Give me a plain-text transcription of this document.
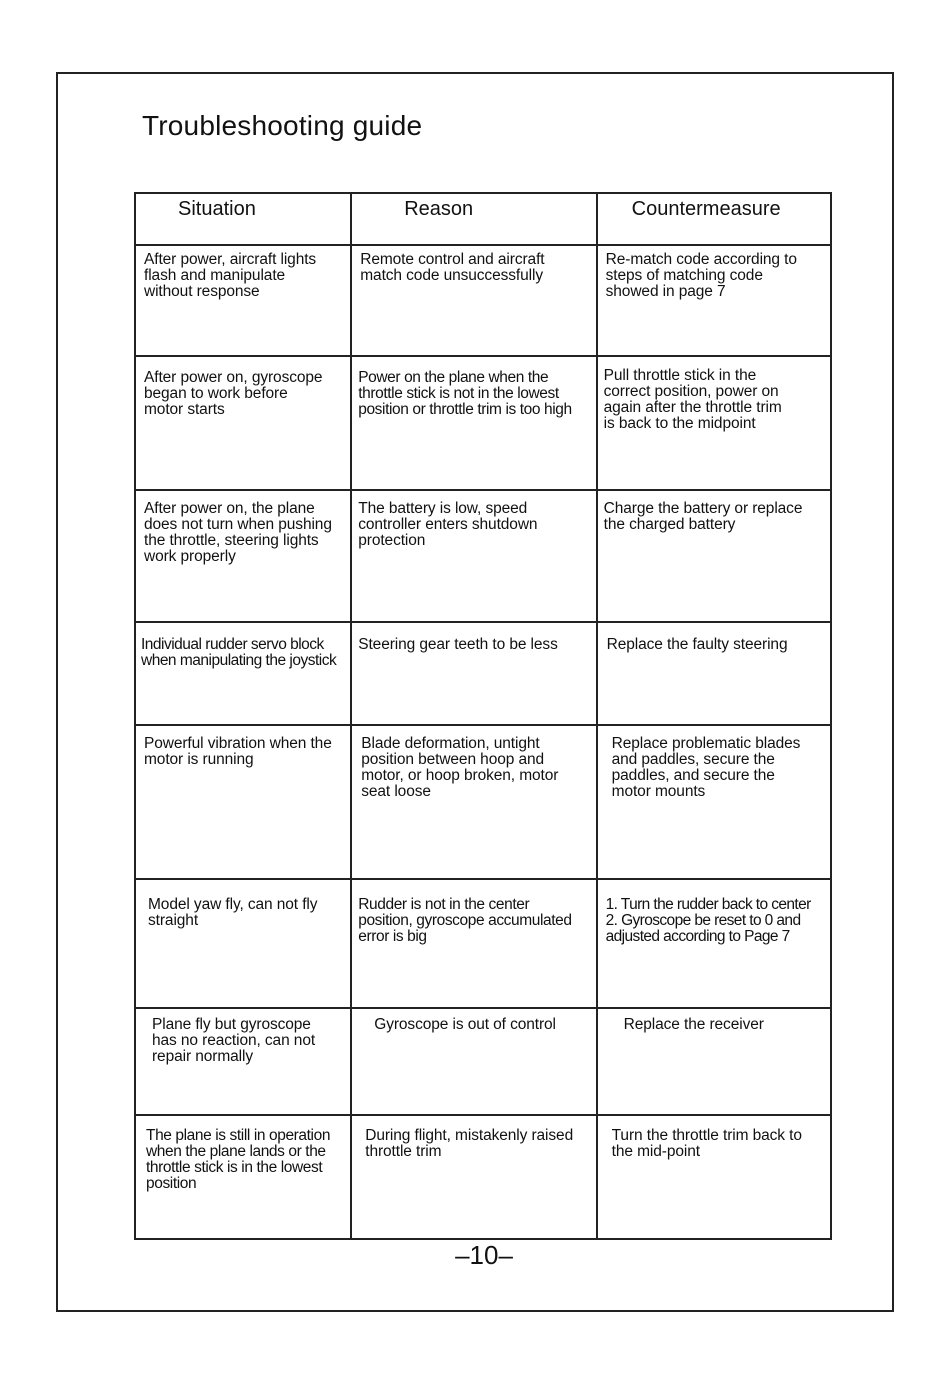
Troubleshooting guide
Situation	Reason	Countermeasure

After power, aircraft lights
flash and manipulate
without response	Remote control and aircraft
match code unsuccessfully	Re-match code according to
steps of matching code
showed in page 7

After power on, gyroscope
began to work before
motor starts	Power on the plane when the
throttle stick is not in the lowest
position or throttle trim is too high	Pull throttle stick in the
correct position, power on
again after the throttle trim
is back to the midpoint

After power on, the plane
does not turn when pushing
the throttle, steering lights
work properly	The battery is low, speed
controller enters shutdown
protection	Charge the battery or replace
the charged battery

Individual rudder servo block
when manipulating the joystick	Steering gear teeth to be less	Replace the faulty steering

Powerful vibration when the
motor is running	Blade deformation, untight
position between hoop and
motor, or hoop broken, motor
seat loose	Replace problematic blades
and paddles, secure the
paddles, and secure the
motor mounts

Model yaw fly, can not fly
straight	Rudder is not in the center
position, gyroscope accumulated
error is big	1. Turn the rudder back to center
2. Gyroscope be reset to 0 and
adjusted according to Page 7

Plane fly but gyroscope
has no reaction, can not
repair normally	Gyroscope is out of control	Replace the receiver

The plane is still in operation
when the plane lands or the
throttle stick is in the lowest
position	During flight, mistakenly raised
throttle trim	Turn the throttle trim back to
the mid-point
–10–
